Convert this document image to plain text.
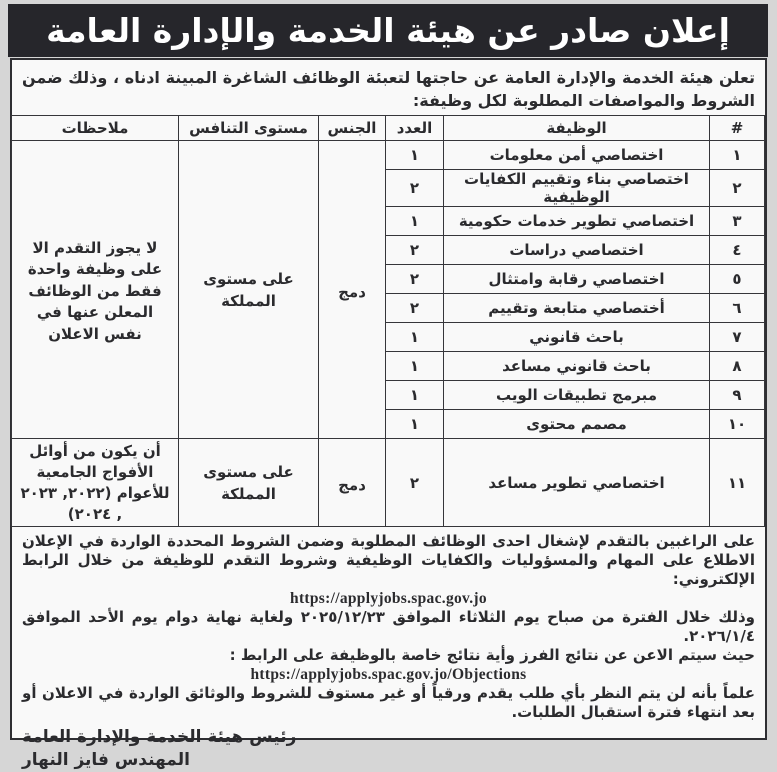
إعلان صادر عن هيئة الخدمة والإدارة العامة

تعلن هيئة الخدمة والإدارة العامة عن حاجتها لتعبئة الوظائف الشاغرة المبينة ادناه ، وذلك ضمن الشروط والمواصفات المطلوبة لكل وظيفة:

#	الوظيفة	العدد	الجنس	مستوى التنافس	ملاحظات
١	اختصاصي أمن معلومات	١	دمج	على مستوى المملكة	لا يجوز التقدم الا على وظيفة واحدة فقط من الوظائف المعلن عنها في نفس الاعلان
٢	اختصاصي بناء وتقييم الكفايات الوظيفية	٢			
٣	اختصاصي تطوير خدمات حكومية	١			
٤	اختصاصي دراسات	٢			
٥	اختصاصي رقابة وامتثال	٢			
٦	أختصاصي متابعة وتقييم	٢			
٧	باحث قانوني	١			
٨	باحث قانوني مساعد	١			
٩	مبرمج تطبيقات الويب	١			
١٠	مصمم محتوى	١			
١١	اختصاصي تطوير مساعد	٢	دمج	على مستوى المملكة	أن يكون من أوائل الأفواج الجامعية للأعوام (٢٠٢٢, ٢٠٢٣ , ٢٠٢٤)

على الراغبين بالتقدم لإشغال احدى الوظائف المطلوبة وضمن الشروط المحددة الواردة في الإعلان الاطلاع على المهام والمسؤوليات والكفايات الوظيفية وشروط التقدم للوظيفة من خلال الرابط الإلكتروني:

https://applyjobs.spac.gov.jo

وذلك خلال الفترة من صباح يوم الثلاثاء الموافق ٢٠٢٥/١٢/٢٣ ولغاية نهاية دوام يوم الأحد الموافق ٢٠٢٦/١/٤.

حيث سيتم الاعن عن نتائج الفرز وأية نتائج خاصة بالوظيفة على الرابط :

https://applyjobs.spac.gov.jo/Objections

علماً بأنه لن يتم النظر بأي طلب يقدم ورقياً أو غير مستوف للشروط والوثائق الواردة في الاعلان أو بعد انتهاء فترة استقبال الطلبات.

رئيس هيئة الخدمة والإدارة العامة
المهندس فايز النهار
